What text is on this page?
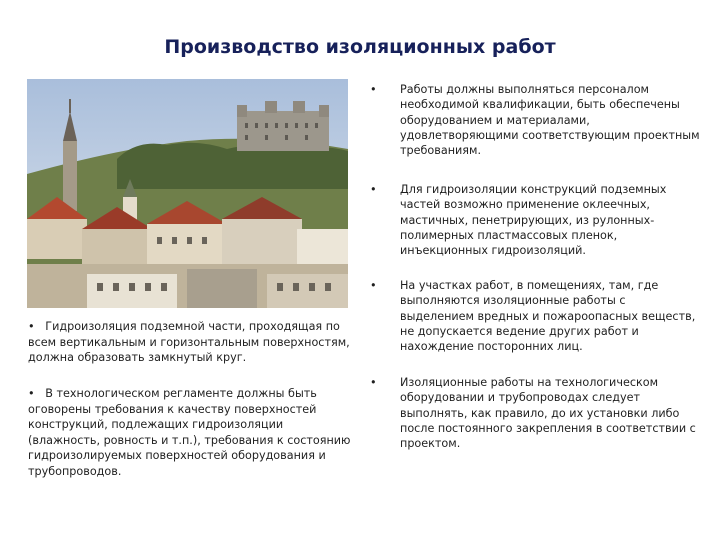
Производство изоляционных работ
• Гидроизоляция подземной части, проходящая по всем вертикальным и горизонтальным поверхностям, должна образовать замкнутый круг.
• В технологическом регламенте должны быть оговорены требования к качеству поверхностей конструкций, подлежащих гидроизоляции (влажность, ровность и т.п.), требования к состоянию гидроизолируемых поверхностей оборудования и трубопроводов.
•	Работы должны выполняться персоналом необходимой квалификации, быть обеспечены оборудованием и материалами, удовлетворяющими соответствующим проектным требованиям.
•	Для гидроизоляции конструкций подземных частей возможно применение оклеечных, мастичных, пенетрирующих, из рулонных-полимерных пластмассовых пленок, инъекционных гидроизоляций.
•	На участках работ, в помещениях, там, где выполняются изоляционные работы с выделением вредных и пожароопасных веществ, не допускается ведение других работ и нахождение посторонних лиц.
•	Изоляционные работы на технологическом оборудовании и трубопроводах следует выполнять, как правило, до их установки либо после постоянного закрепления в соответствии с проектом.
